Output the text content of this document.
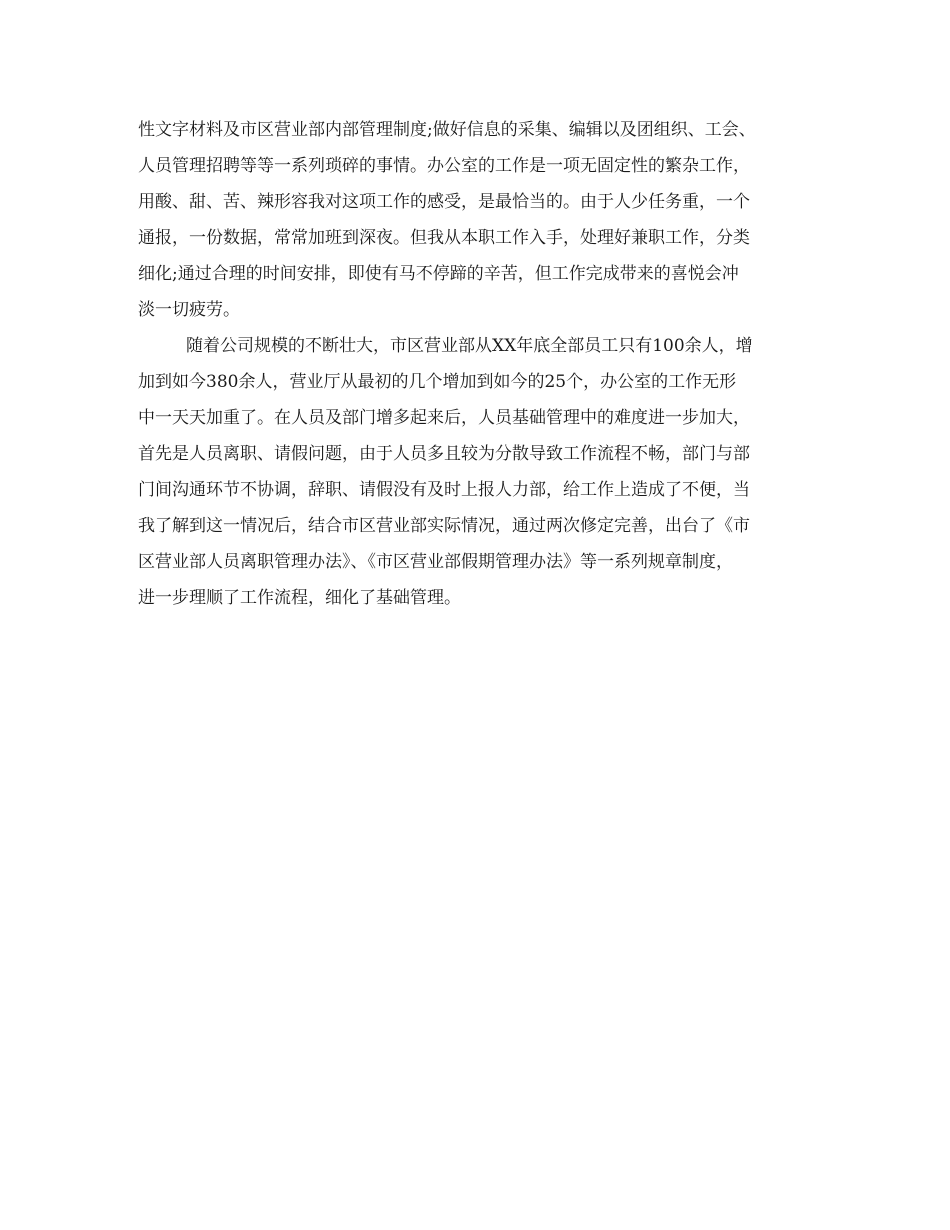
性文字材料及市区营业部内部管理制度;做好信息的采集、编辑以及团组织、工会、
人员管理招聘等等一系列琐碎的事情。办公室的工作是一项无固定性的繁杂工作，
用酸、甜、苦、辣形容我对这项工作的感受，是最恰当的。由于人少任务重，一个
通报，一份数据，常常加班到深夜。但我从本职工作入手，处理好兼职工作，分类
细化;通过合理的时间安排，即使有马不停蹄的辛苦，但工作完成带来的喜悦会冲
淡一切疲劳。
随着公司规模的不断壮大，市区营业部从XX年底全部员工只有100余人，增
加到如今380余人，营业厅从最初的几个增加到如今的25个，办公室的工作无形
中一天天加重了。在人员及部门增多起来后，人员基础管理中的难度进一步加大，
首先是人员离职、请假问题，由于人员多且较为分散导致工作流程不畅，部门与部
门间沟通环节不协调，辞职、请假没有及时上报人力部，给工作上造成了不便，当
我了解到这一情况后，结合市区营业部实际情况，通过两次修定完善，出台了《市
区营业部人员离职管理办法》、《市区营业部假期管理办法》等一系列规章制度，
进一步理顺了工作流程，细化了基础管理。
